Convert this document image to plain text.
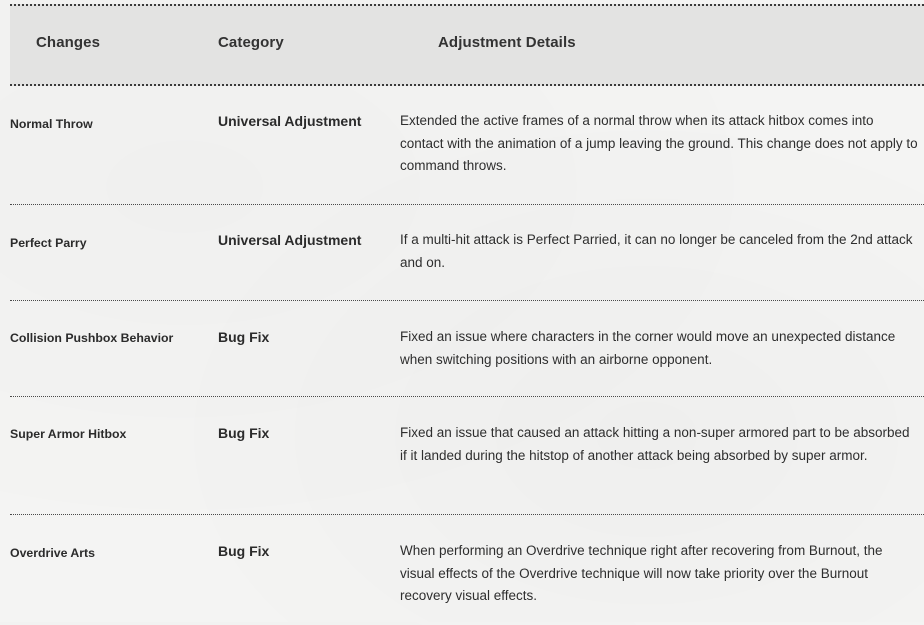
Changes	Category	Adjustment Details
Normal Throw	Universal Adjustment	Extended the active frames of a normal throw when its attack hitbox comes into contact with the animation of a jump leaving the ground. This change does not apply to command throws.
Perfect Parry	Universal Adjustment	If a multi-hit attack is Perfect Parried, it can no longer be canceled from the 2nd attack and on.
Collision Pushbox Behavior	Bug Fix	Fixed an issue where characters in the corner would move an unexpected distance when switching positions with an airborne opponent.
Super Armor Hitbox	Bug Fix	Fixed an issue that caused an attack hitting a non-super armored part to be absorbed if it landed during the hitstop of another attack being absorbed by super armor.
Overdrive Arts	Bug Fix	When performing an Overdrive technique right after recovering from Burnout, the visual effects of the Overdrive technique will now take priority over the Burnout recovery visual effects.
